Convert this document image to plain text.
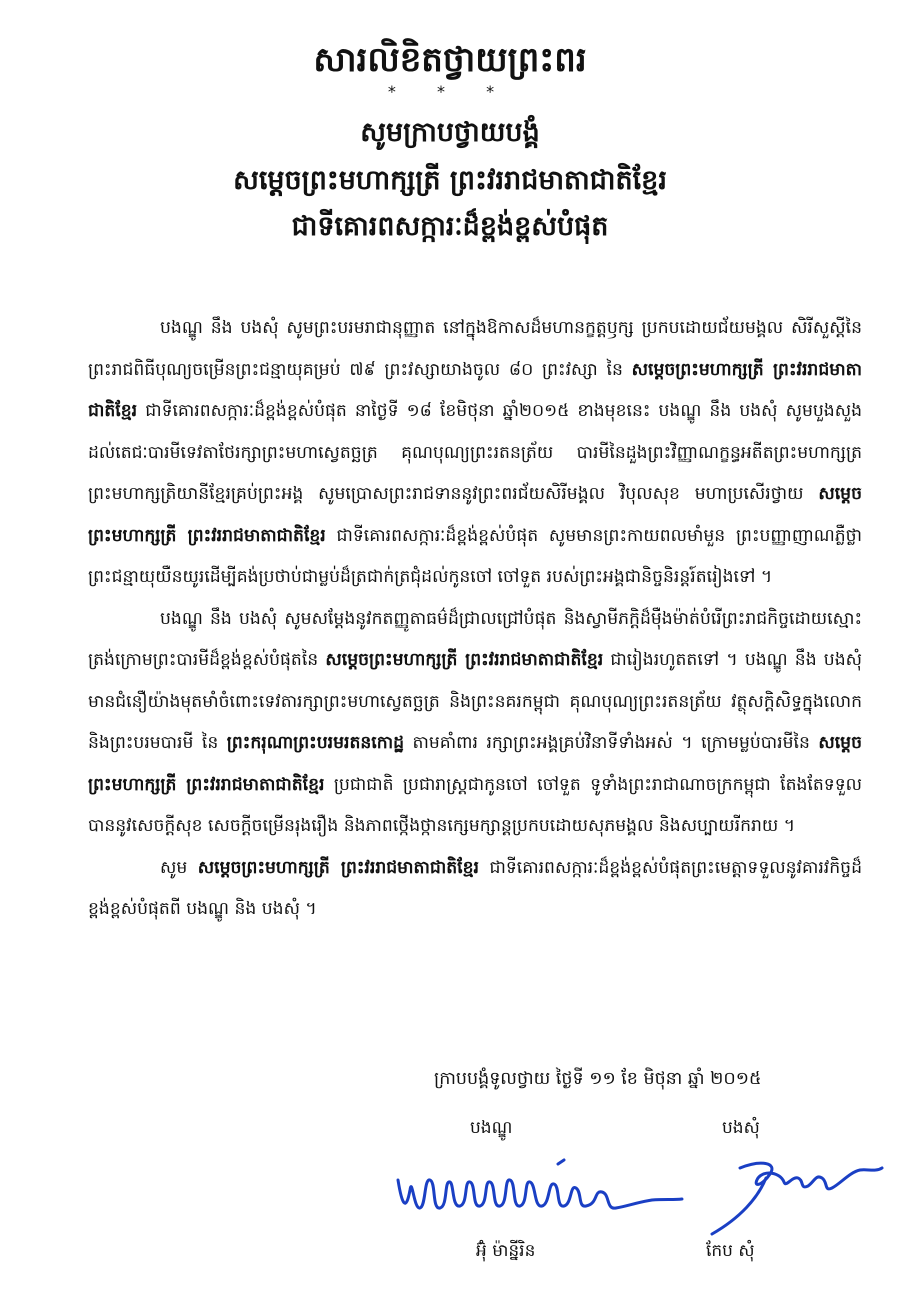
សារលិខិតថ្វាយព្រះពរ
* * *
សូមក្រាបថ្វាយបង្គំ
សម្តេចព្រះមហាក្សត្រី ព្រះវររាជមាតាជាតិខ្មែរ
ជាទីគោរពសក្ការៈដ៏ខ្ពង់ខ្ពស់បំផុត

បងណ្ឌូ នឹង បងសុំ សូមព្រះបរមរាជានុញ្ញាត នៅក្នុងឱកាសដ៏មហានក្ខត្តឫក្ស ប្រកបដោយជ័យមង្គល សិរីសួស្តីនៃ ព្រះរាជពិធីបុណ្យចម្រើនព្រះជន្មាយុគម្រប់ ៧៩ ព្រះវស្សាយាងចូល ៨០ ព្រះវស្សា នៃ សម្តេចព្រះមហាក្សត្រី ព្រះវររាជមាតាជាតិខ្មែរ ជាទីគោរពសក្ការៈដ៏ខ្ពង់ខ្ពស់បំផុត នាថ្ងៃទី ១៨ ខែមិថុនា ឆ្នាំ២០១៥ ខាងមុខនេះ បងណ្ឌូ នឹង បងសុំ សូមបួងសួងដល់តេជៈបារមីទេវតាថែរក្សាព្រះមហាស្វេតច្ឆត្រ គុណបុណ្យព្រះរតនត្រ័យ បារមីនៃដួងព្រះវិញ្ញាណក្ខន្ធអតីតព្រះមហាក្សត្រ ព្រះមហាក្សត្រិយានីខ្មែរគ្រប់ព្រះអង្គ សូមប្រោសព្រះរាជទាននូវព្រះពរជ័យសិរីមង្គល វិបុលសុខ មហាប្រសើរថ្វាយ សម្តេចព្រះមហាក្សត្រី ព្រះវររាជមាតាជាតិខ្មែរ ជាទីគោរពសក្ការៈដ៏ខ្ពង់ខ្ពស់បំផុត សូមមានព្រះកាយពលមាំមួន ព្រះបញ្ញាញាណភ្លឺថ្លា ព្រះជន្មាយុយឺនយូរដើម្បីគង់ប្រថាប់ជាម្លប់ដ៏ត្រជាក់ត្រជុំដល់កូនចៅ ចៅទួត របស់ព្រះអង្គជានិច្ចនិរន្តរ៍តរៀងទៅ ។

បងណ្ឌូ នឹង បងសុំ សូមសម្តែងនូវកតញ្ញូតាធម៌ដ៏ជ្រាលជ្រៅបំផុត និងស្វាមីភក្តិដ៏ម៉ឺងម៉ាត់បំរើព្រះរាជកិច្ចដោយស្មោះត្រង់ក្រោមព្រះបារមីដ៏ខ្ពង់ខ្ពស់បំផុតនៃ សម្តេចព្រះមហាក្សត្រី ព្រះវររាជមាតាជាតិខ្មែរ ជារៀងរហូតតទៅ ។ បងណ្ឌូ នឹង បងសុំ មានជំនឿយ៉ាងមុតមាំចំពោះទេវតារក្សាព្រះមហាស្វេតច្ឆត្រ និងព្រះនគរកម្ពុជា គុណបុណ្យព្រះរតនត្រ័យ វត្ថុសក្តិសិទ្ធក្នុងលោក និងព្រះបរមបារមី នៃ ព្រះករុណាព្រះបរមរតនកោដ្ឋ តាមគាំពារ រក្សាព្រះអង្គគ្រប់វិនាទីទាំងអស់ ។ ក្រោមម្លប់បារមីនៃ សម្តេចព្រះមហាក្សត្រី ព្រះវររាជមាតាជាតិខ្មែរ ប្រជាជាតិ ប្រជារាស្ត្រជាកូនចៅ ចៅទួត ទូទាំងព្រះរាជាណាចក្រកម្ពុជា តែងតែទទួលបាននូវសេចក្តីសុខ សេចក្តីចម្រើនរុងរឿង និងភាពថ្កើងថ្កានក្សេមក្សាន្តប្រកបដោយសុភមង្គល និងសប្បាយរីករាយ ។

សូម សម្តេចព្រះមហាក្សត្រី ព្រះវររាជមាតាជាតិខ្មែរ ជាទីគោរពសក្ការៈដ៏ខ្ពង់ខ្ពស់បំផុតព្រះមេត្តាទទួលនូវគារវកិច្ចដ៏ខ្ពង់ខ្ពស់បំផុតពី បងណ្ឌូ និង បងសុំ ។

ក្រាបបង្គំទូលថ្វាយ ថ្ងៃទី ១១ ខែ មិថុនា ឆ្នាំ ២០១៥
បងណ្ឌូ	បងសុំ
អ៊ុំ ម៉ាន្នីរិន	កែប សុំ
